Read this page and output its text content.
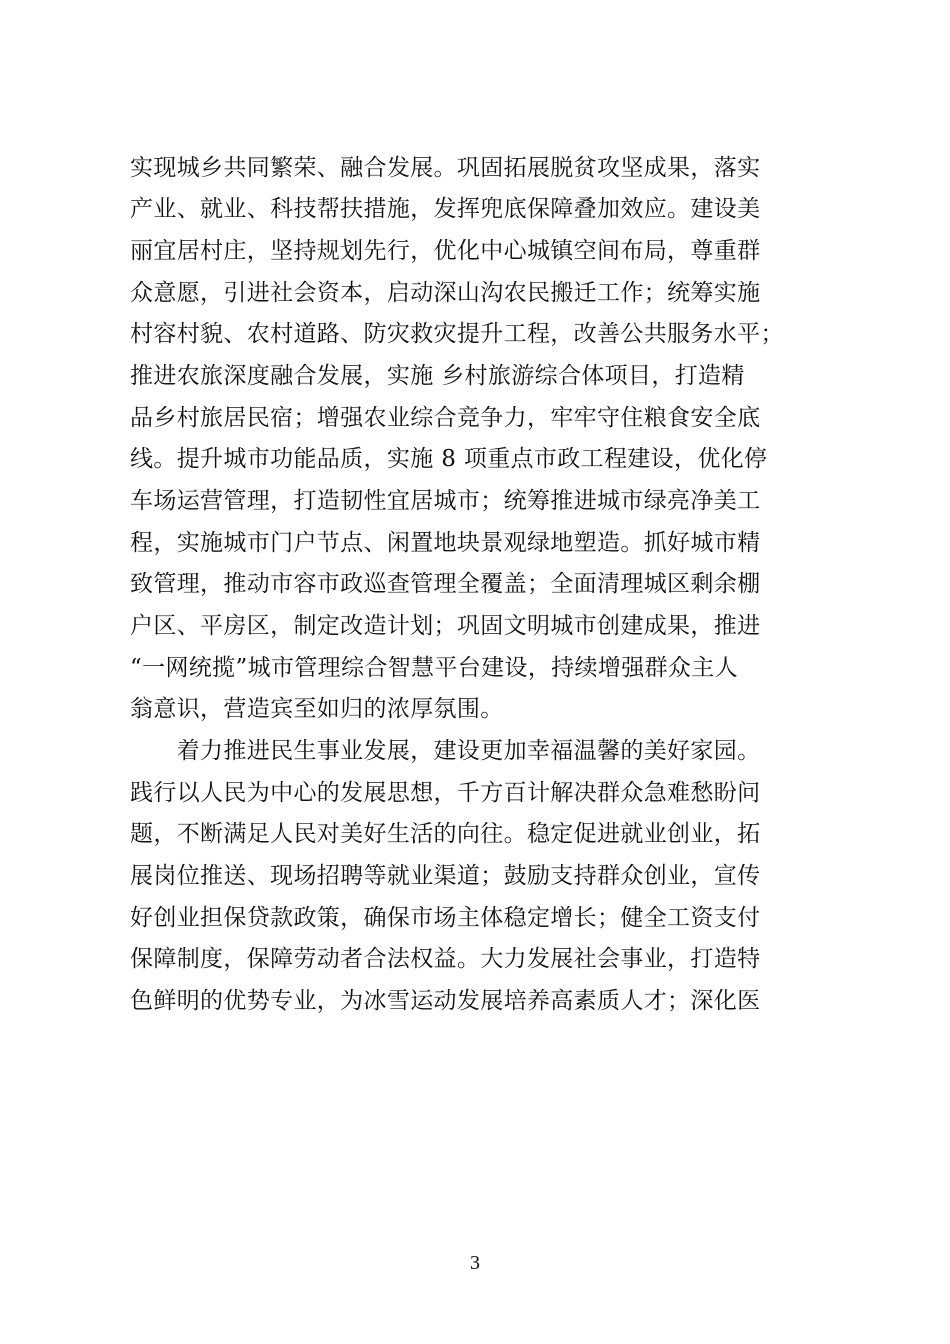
实现城乡共同繁荣、融合发展。巩固拓展脱贫攻坚成果，落实
产业、就业、科技帮扶措施，发挥兜底保障叠加效应。建设美
丽宜居村庄，坚持规划先行，优化中心城镇空间布局，尊重群
众意愿，引进社会资本，启动深山沟农民搬迁工作；统筹实施
村容村貌、农村道路、防灾救灾提升工程，改善公共服务水平；
推进农旅深度融合发展，实施 乡村旅游综合体项目，打造精
品乡村旅居民宿；增强农业综合竞争力，牢牢守住粮食安全底
线。提升城市功能品质，实施 8 项重点市政工程建设，优化停
车场运营管理，打造韧性宜居城市；统筹推进城市绿亮净美工
程，实施城市门户节点、闲置地块景观绿地塑造。抓好城市精
致管理，推动市容市政巡查管理全覆盖；全面清理城区剩余棚
户区、平房区，制定改造计划；巩固文明城市创建成果，推进
“一网统揽”城市管理综合智慧平台建设，持续增强群众主人
翁意识，营造宾至如归的浓厚氛围。
　　着力推进民生事业发展，建设更加幸福温馨的美好家园。
践行以人民为中心的发展思想，千方百计解决群众急难愁盼问
题，不断满足人民对美好生活的向往。稳定促进就业创业，拓
展岗位推送、现场招聘等就业渠道；鼓励支持群众创业，宣传
好创业担保贷款政策，确保市场主体稳定增长；健全工资支付
保障制度，保障劳动者合法权益。大力发展社会事业，打造特
色鲜明的优势专业，为冰雪运动发展培养高素质人才；深化医
3
